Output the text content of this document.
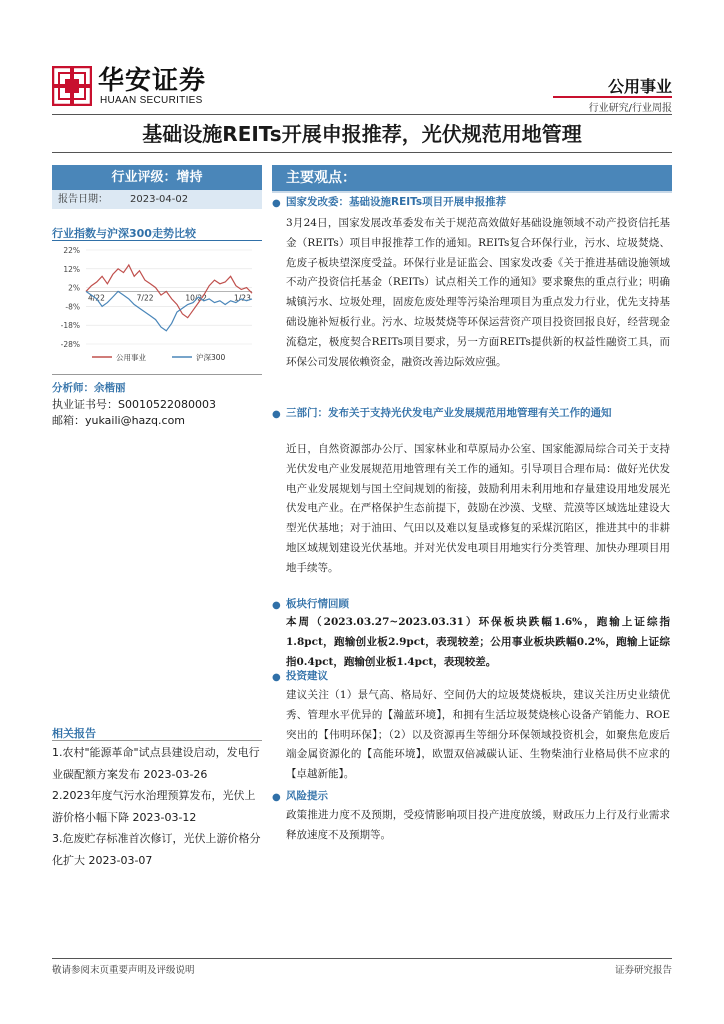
华安证券
HUAAN SECURITIES
公用事业
行业研究/行业周报
基础设施REITs开展申报推荐，光伏规范用地管理
行业评级：增持
报告日期： 2023-04-02
行业指数与沪深300走势比较
22%
12%
2%
-8%
-18%
-28%
4/22	7/22	10/22	1/23
公用事业	沪深300
分析师：余楷丽
执业证书号：S0010522080003
邮箱：yukaili@hazq.com
相关报告
1.农村"能源革命"试点县建设启动，发电行业碳配额方案发布 2023-03-26
2.2023年度气污水治理预算发布，光伏上游价格小幅下降 2023-03-12
3.危废贮存标准首次修订，光伏上游价格分化扩大 2023-03-07
主要观点：
● 国家发改委：基础设施REITs项目开展申报推荐
3月24日，国家发展改革委发布关于规范高效做好基础设施领域不动产投资信托基金（REITs）项目申报推荐工作的通知。REITs复合环保行业，污水、垃圾焚烧、危废子板块望深度受益。环保行业是证监会、国家发改委《关于推进基础设施领域不动产投资信托基金（REITs）试点相关工作的通知》要求聚焦的重点行业；明确城镇污水、垃圾处理，固废危废处理等污染治理项目为重点发力行业，优先支持基础设施补短板行业。污水、垃圾焚烧等环保运营资产项目投资回报良好，经营现金流稳定，极度契合REITs项目要求，另一方面REITs提供新的权益性融资工具，而环保公司发展依赖资金，融资改善边际效应强。
● 三部门：发布关于支持光伏发电产业发展规范用地管理有关工作的通知
近日，自然资源部办公厅、国家林业和草原局办公室、国家能源局综合司关于支持光伏发电产业发展规范用地管理有关工作的通知。引导项目合理布局：做好光伏发电产业发展规划与国土空间规划的衔接，鼓励利用未利用地和存量建设用地发展光伏发电产业。在严格保护生态前提下，鼓励在沙漠、戈壁、荒漠等区域选址建设大型光伏基地；对于油田、气田以及难以复垦或修复的采煤沉陷区，推进其中的非耕地区域规划建设光伏基地。并对光伏发电项目用地实行分类管理、加快办理项目用地手续等。
● 板块行情回顾
本周（2023.03.27~2023.03.31）环保板块跌幅1.6%，跑输上证综指1.8pct，跑输创业板2.9pct，表现较差；公用事业板块跌幅0.2%，跑输上证综指0.4pct，跑输创业板1.4pct，表现较差。
● 投资建议
建议关注（1）景气高、格局好、空间仍大的垃圾焚烧板块，建议关注历史业绩优秀、管理水平优异的【瀚蓝环境】，和拥有生活垃圾焚烧核心设备产销能力、ROE突出的【伟明环保】；（2）以及资源再生等细分环保领域投资机会，如聚焦危废后端金属资源化的【高能环境】，欧盟双倍减碳认证、生物柴油行业格局供不应求的【卓越新能】。
● 风险提示
政策推进力度不及预期，受疫情影响项目投产进度放缓，财政压力上行及行业需求释放速度不及预期等。
敬请参阅末页重要声明及评级说明	证券研究报告
